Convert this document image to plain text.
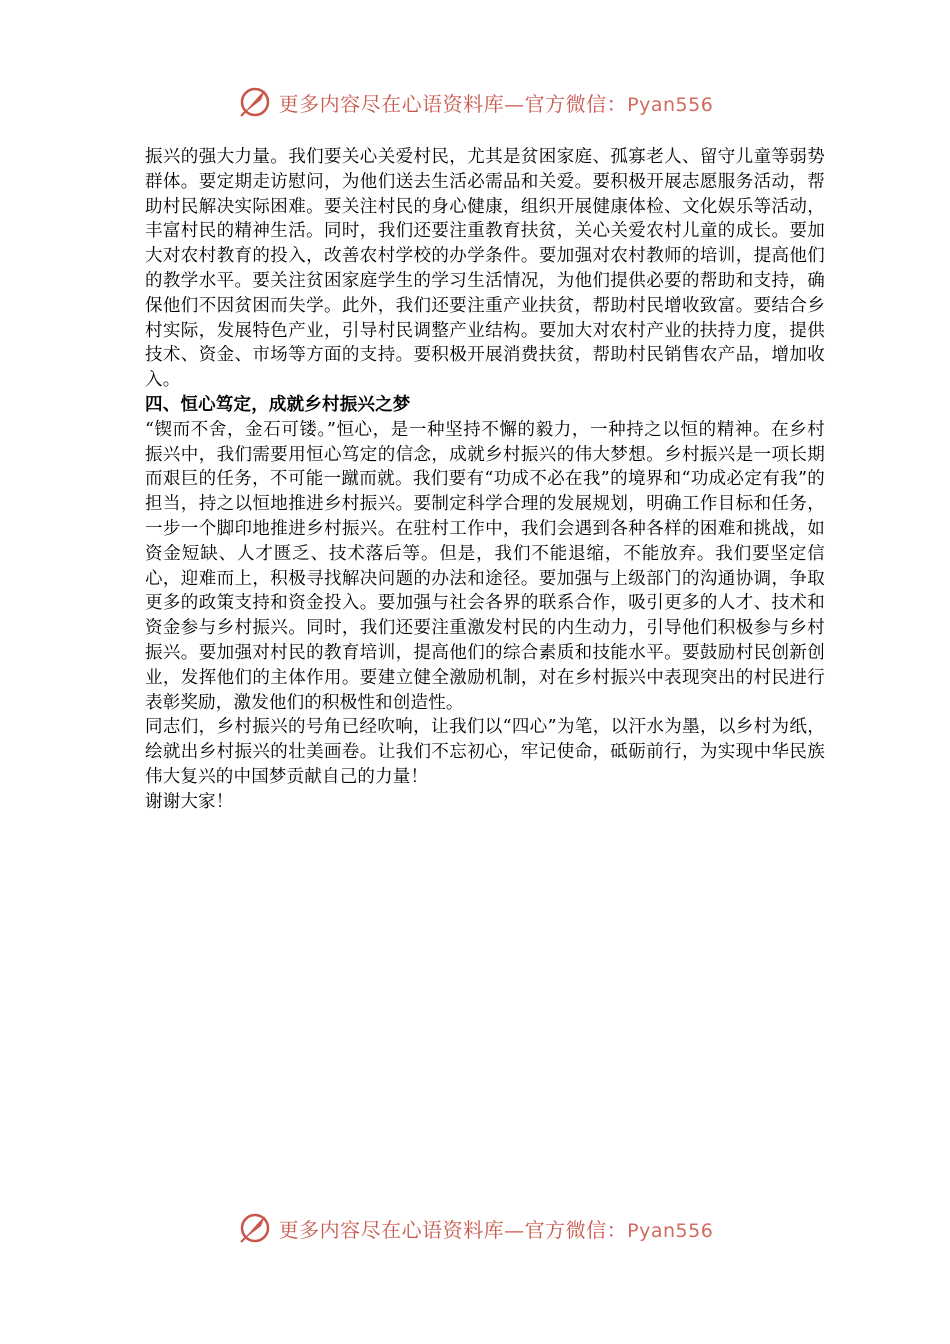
更多内容尽在心语资料库—官方微信：Pyan556

振兴的强大力量。我们要关心关爱村民，尤其是贫困家庭、孤寡老人、留守儿童等弱势群体。要定期走访慰问，为他们送去生活必需品和关爱。要积极开展志愿服务活动，帮助村民解决实际困难。要关注村民的身心健康，组织开展健康体检、文化娱乐等活动，丰富村民的精神生活。同时，我们还要注重教育扶贫，关心关爱农村儿童的成长。要加大对农村教育的投入，改善农村学校的办学条件。要加强对农村教师的培训，提高他们的教学水平。要关注贫困家庭学生的学习生活情况，为他们提供必要的帮助和支持，确保他们不因贫困而失学。此外，我们还要注重产业扶贫，帮助村民增收致富。要结合乡村实际，发展特色产业，引导村民调整产业结构。要加大对农村产业的扶持力度，提供技术、资金、市场等方面的支持。要积极开展消费扶贫，帮助村民销售农产品，增加收入。

四、恒心笃定，成就乡村振兴之梦

“锲而不舍，金石可镂。”恒心，是一种坚持不懈的毅力，一种持之以恒的精神。在乡村振兴中，我们需要用恒心笃定的信念，成就乡村振兴的伟大梦想。乡村振兴是一项长期而艰巨的任务，不可能一蹴而就。我们要有“功成不必在我”的境界和“功成必定有我”的担当，持之以恒地推进乡村振兴。要制定科学合理的发展规划，明确工作目标和任务，一步一个脚印地推进乡村振兴。在驻村工作中，我们会遇到各种各样的困难和挑战，如资金短缺、人才匮乏、技术落后等。但是，我们不能退缩，不能放弃。我们要坚定信心，迎难而上，积极寻找解决问题的办法和途径。要加强与上级部门的沟通协调，争取更多的政策支持和资金投入。要加强与社会各界的联系合作，吸引更多的人才、技术和资金参与乡村振兴。同时，我们还要注重激发村民的内生动力，引导他们积极参与乡村振兴。要加强对村民的教育培训，提高他们的综合素质和技能水平。要鼓励村民创新创业，发挥他们的主体作用。要建立健全激励机制，对在乡村振兴中表现突出的村民进行表彰奖励，激发他们的积极性和创造性。

同志们，乡村振兴的号角已经吹响，让我们以“四心”为笔，以汗水为墨，以乡村为纸，绘就出乡村振兴的壮美画卷。让我们不忘初心，牢记使命，砥砺前行，为实现中华民族伟大复兴的中国梦贡献自己的力量！

谢谢大家！

更多内容尽在心语资料库—官方微信：Pyan556
